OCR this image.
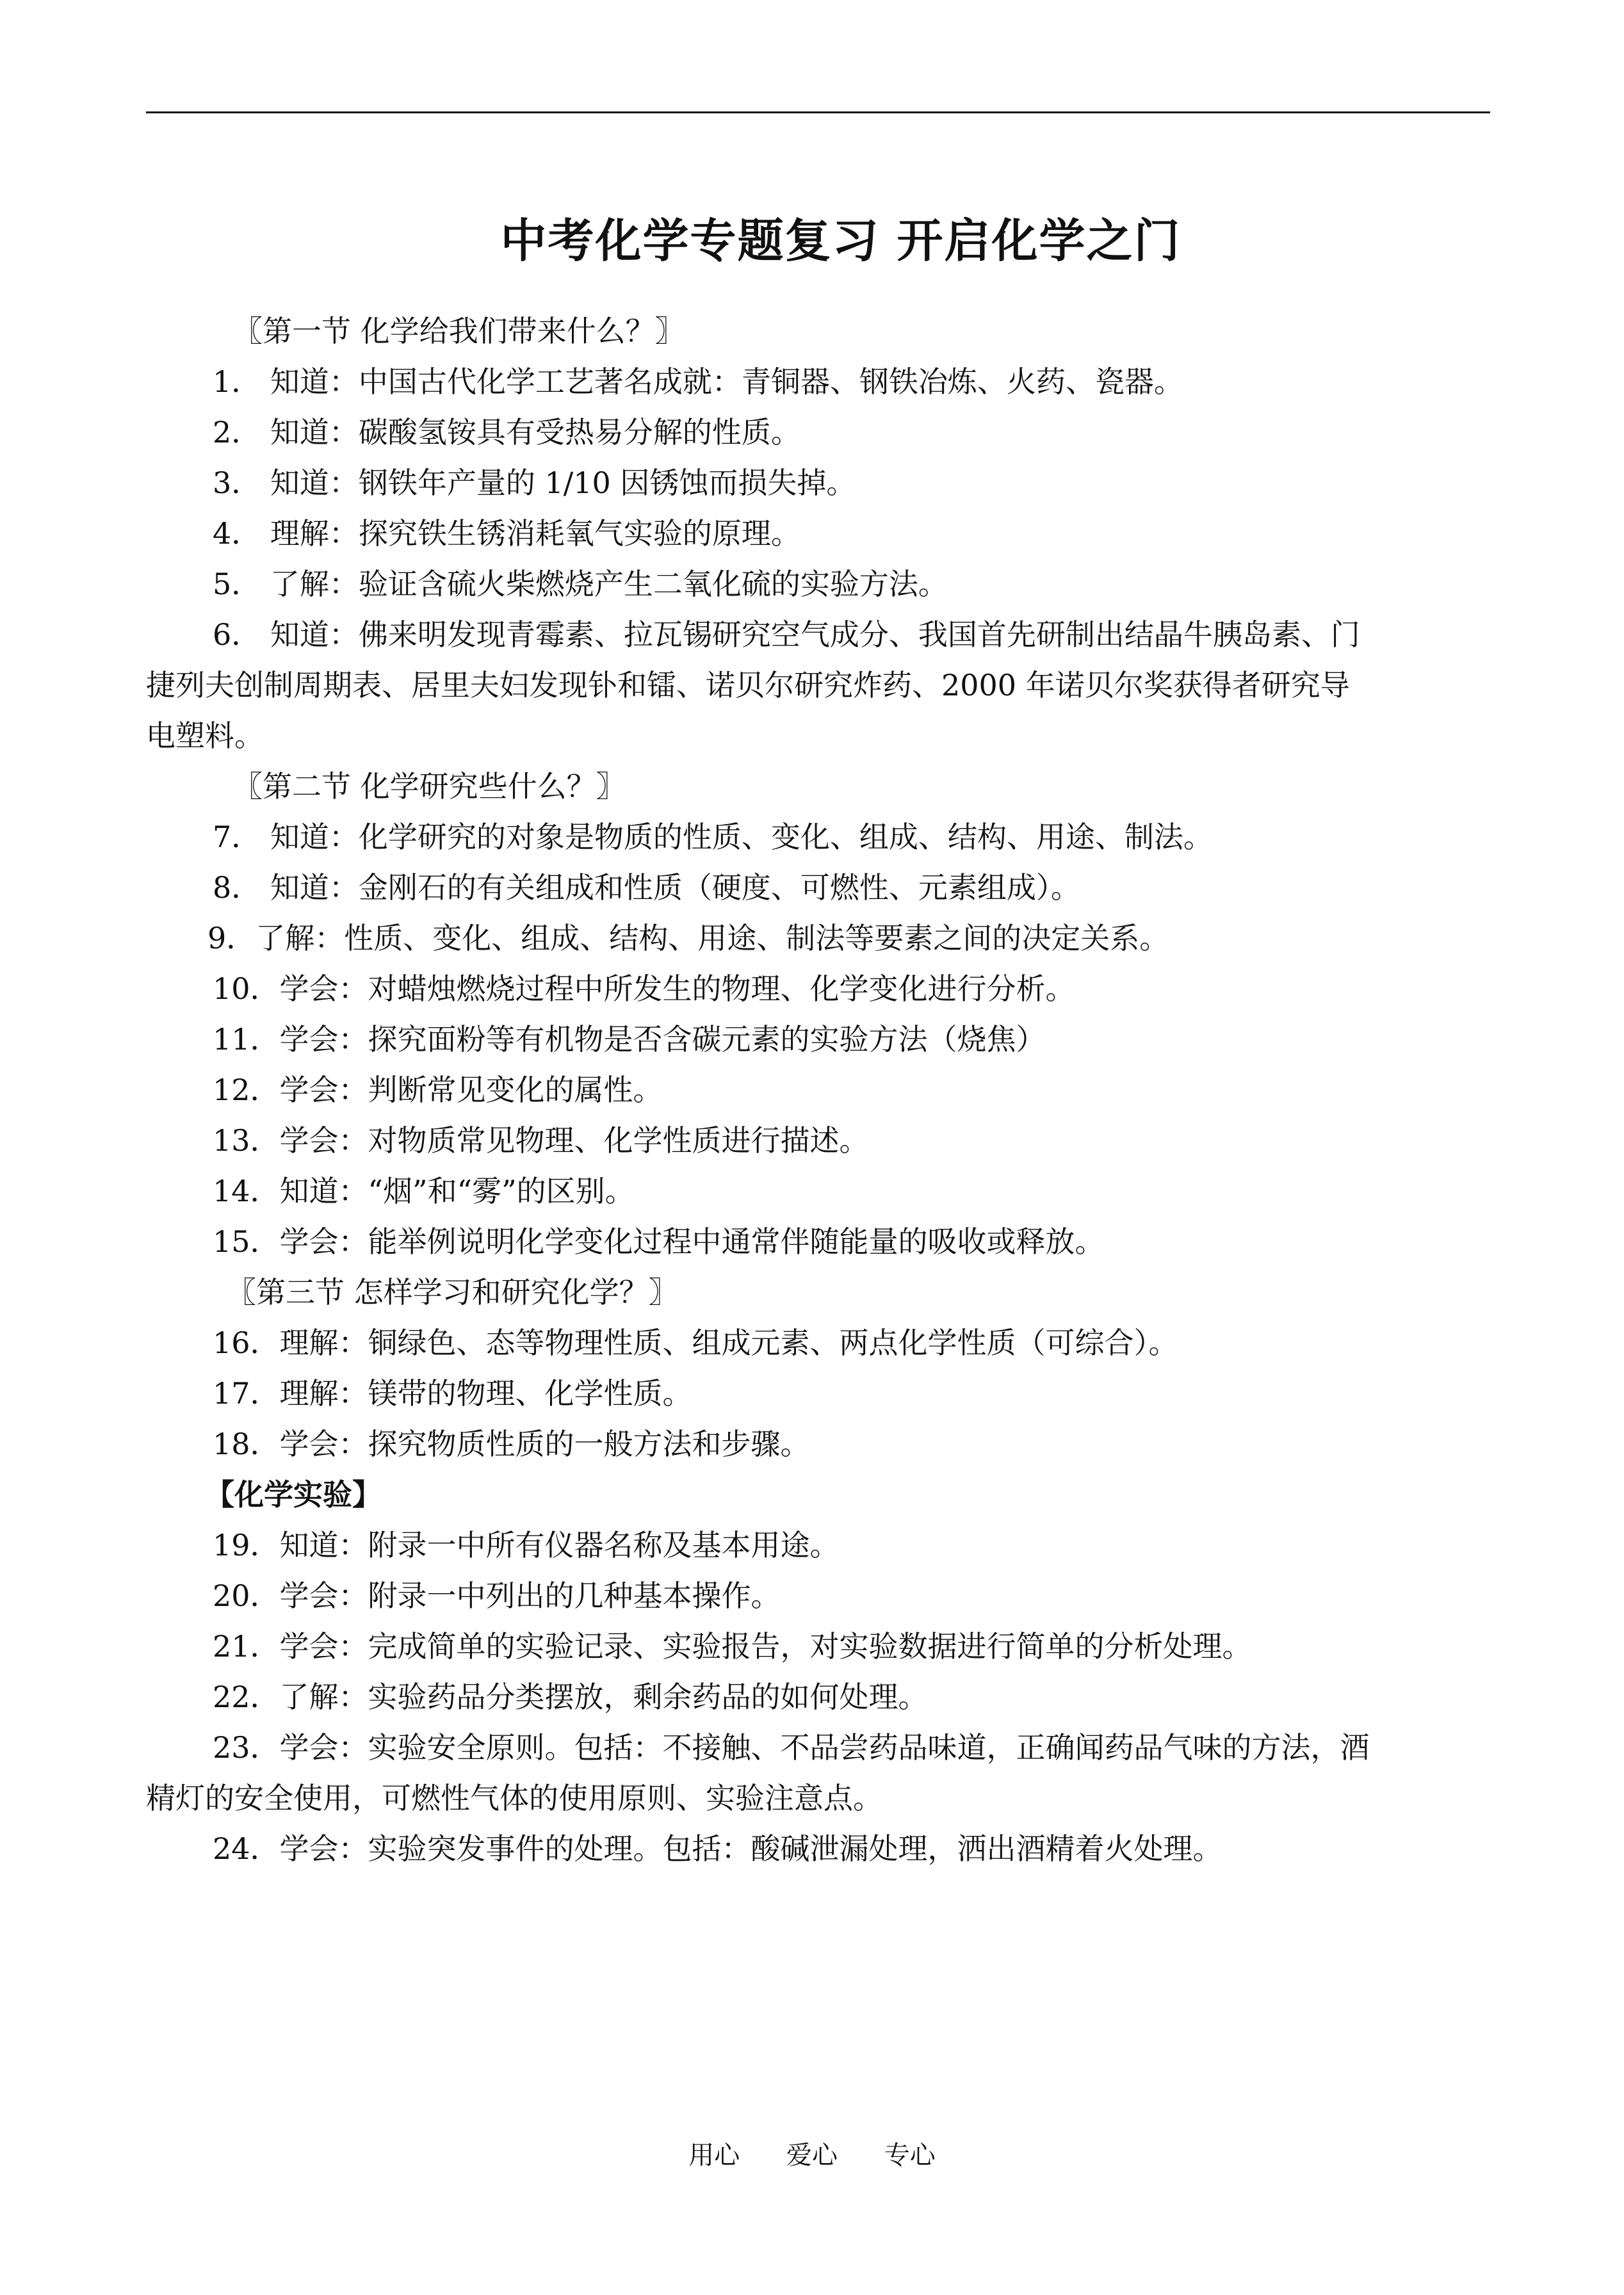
中考化学专题复习 开启化学之门
〖第一节 化学给我们带来什么？〗
1． 知道：中国古代化学工艺著名成就：青铜器、钢铁冶炼、火药、瓷器。
2． 知道：碳酸氢铵具有受热易分解的性质。
3． 知道：钢铁年产量的 1/10 因锈蚀而损失掉。
4． 理解：探究铁生锈消耗氧气实验的原理。
5． 了解：验证含硫火柴燃烧产生二氧化硫的实验方法。
6． 知道：佛来明发现青霉素、拉瓦锡研究空气成分、我国首先研制出结晶牛胰岛素、门
捷列夫创制周期表、居里夫妇发现钋和镭、诺贝尔研究炸药、2000 年诺贝尔奖获得者研究导
电塑料。
〖第二节 化学研究些什么？〗
7． 知道：化学研究的对象是物质的性质、变化、组成、结构、用途、制法。
8． 知道：金刚石的有关组成和性质（硬度、可燃性、元素组成）。
9．了解：性质、变化、组成、结构、用途、制法等要素之间的决定关系。
10．学会：对蜡烛燃烧过程中所发生的物理、化学变化进行分析。
11．学会：探究面粉等有机物是否含碳元素的实验方法（烧焦）
12．学会：判断常见变化的属性。
13．学会：对物质常见物理、化学性质进行描述。
14．知道：“烟”和“雾”的区别。
15．学会：能举例说明化学变化过程中通常伴随能量的吸收或释放。
〖第三节 怎样学习和研究化学？〗
16．理解：铜绿色、态等物理性质、组成元素、两点化学性质（可综合）。
17．理解：镁带的物理、化学性质。
18．学会：探究物质性质的一般方法和步骤。
【化学实验】
19．知道：附录一中所有仪器名称及基本用途。
20．学会：附录一中列出的几种基本操作。
21．学会：完成简单的实验记录、实验报告，对实验数据进行简单的分析处理。
22．了解：实验药品分类摆放，剩余药品的如何处理。
23．学会：实验安全原则。包括：不接触、不品尝药品味道，正确闻药品气味的方法，酒
精灯的安全使用，可燃性气体的使用原则、实验注意点。
24．学会：实验突发事件的处理。包括：酸碱泄漏处理，洒出酒精着火处理。
用心 爱心 专心
